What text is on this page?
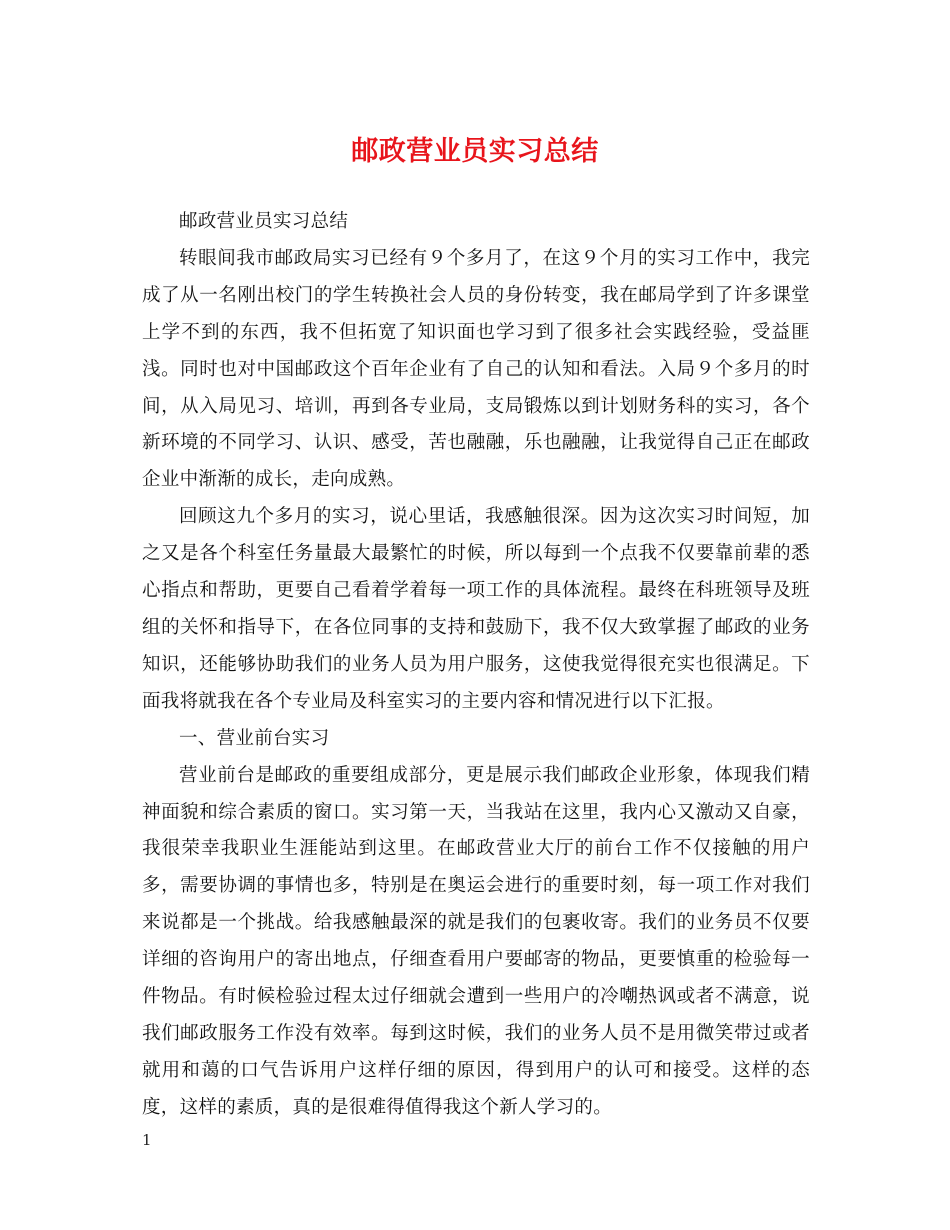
邮政营业员实习总结

邮政营业员实习总结

转眼间我市邮政局实习已经有９个多月了，在这９个月的实习工作中，我完成了从一名刚出校门的学生转换社会人员的身份转变，我在邮局学到了许多课堂上学不到的东西，我不但拓宽了知识面也学习到了很多社会实践经验，受益匪浅。同时也对中国邮政这个百年企业有了自己的认知和看法。入局９个多月的时间，从入局见习、培训，再到各专业局，支局锻炼以到计划财务科的实习，各个新环境的不同学习、认识、感受，苦也融融，乐也融融，让我觉得自己正在邮政企业中渐渐的成长，走向成熟。

回顾这九个多月的实习，说心里话，我感触很深。因为这次实习时间短，加之又是各个科室任务量最大最繁忙的时候，所以每到一个点我不仅要靠前辈的悉心指点和帮助，更要自己看着学着每一项工作的具体流程。最终在科班领导及班组的关怀和指导下，在各位同事的支持和鼓励下，我不仅大致掌握了邮政的业务知识，还能够协助我们的业务人员为用户服务，这使我觉得很充实也很满足。下面我将就我在各个专业局及科室实习的主要内容和情况进行以下汇报。

一、营业前台实习

营业前台是邮政的重要组成部分，更是展示我们邮政企业形象，体现我们精神面貌和综合素质的窗口。实习第一天，当我站在这里，我内心又激动又自豪，我很荣幸我职业生涯能站到这里。在邮政营业大厅的前台工作不仅接触的用户多，需要协调的事情也多，特别是在奥运会进行的重要时刻，每一项工作对我们来说都是一个挑战。给我感触最深的就是我们的包裹收寄。我们的业务员不仅要详细的咨询用户的寄出地点，仔细查看用户要邮寄的物品，更要慎重的检验每一件物品。有时候检验过程太过仔细就会遭到一些用户的冷嘲热讽或者不满意，说我们邮政服务工作没有效率。每到这时候，我们的业务人员不是用微笑带过或者就用和蔼的口气告诉用户这样仔细的原因，得到用户的认可和接受。这样的态度，这样的素质，真的是很难得值得我这个新人学习的。

1
